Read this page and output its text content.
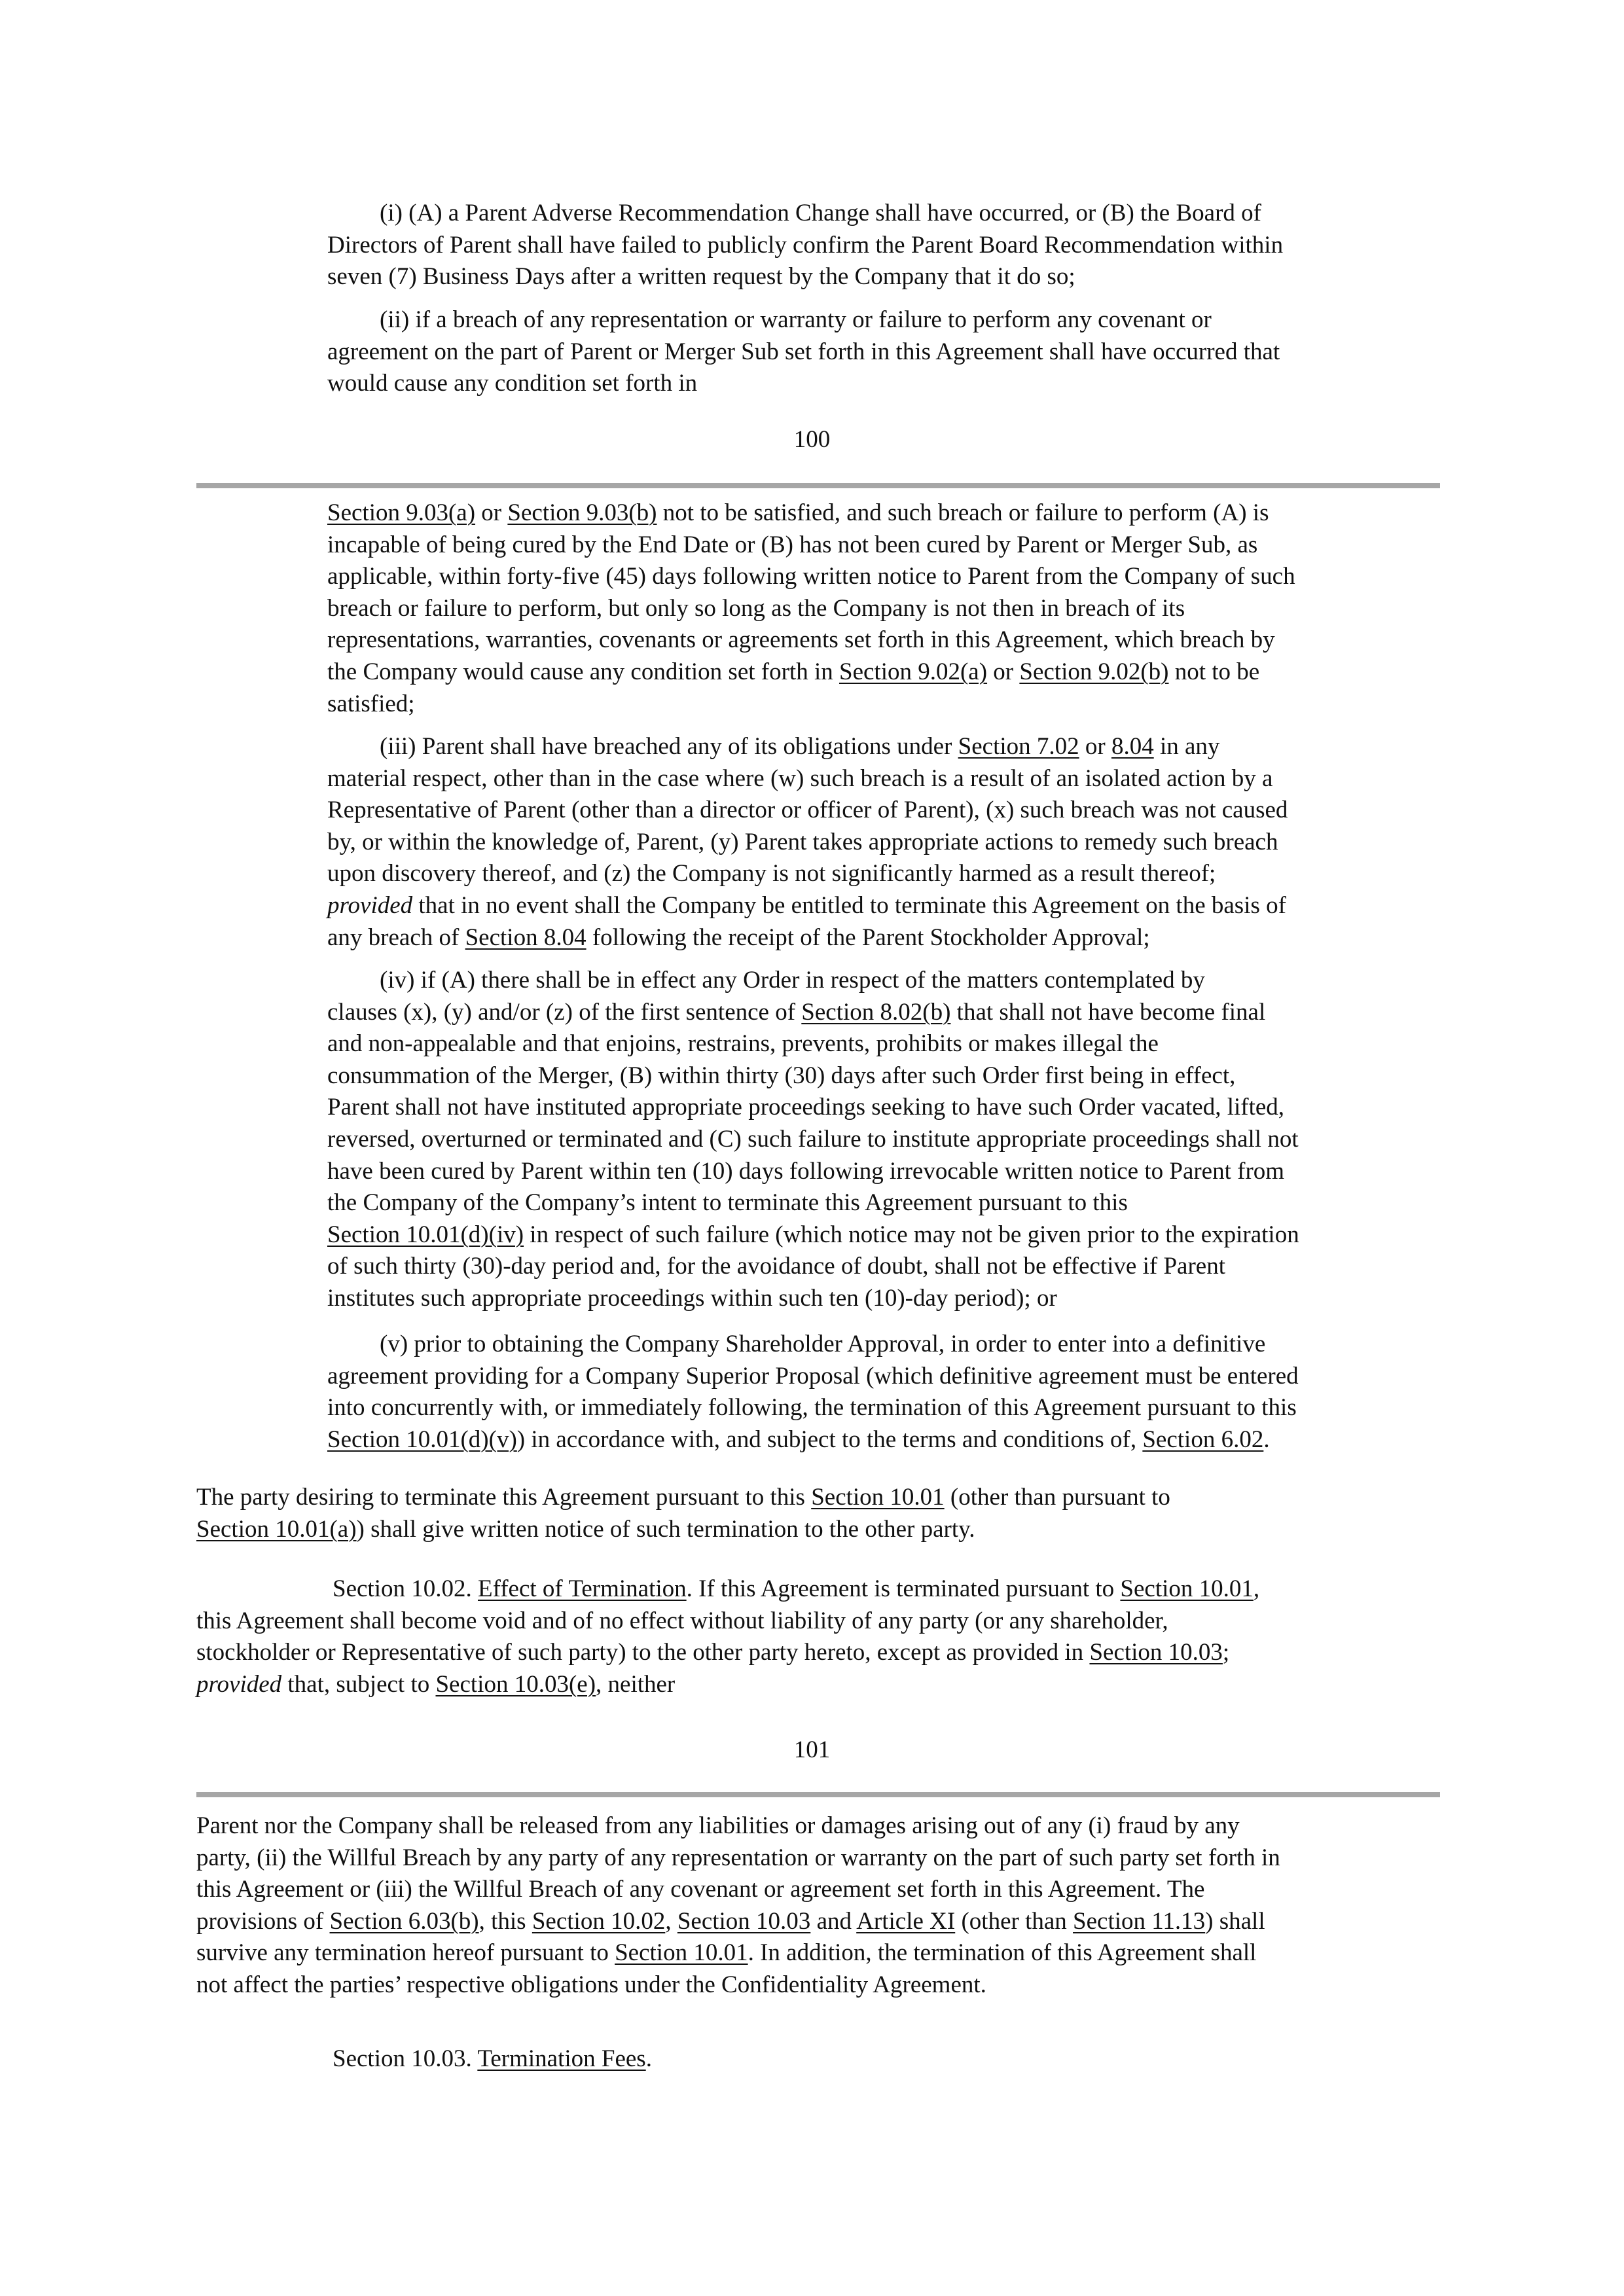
(i) (A) a Parent Adverse Recommendation Change shall have occurred, or (B) the Board of
Directors of Parent shall have failed to publicly confirm the Parent Board Recommendation within
seven (7) Business Days after a written request by the Company that it do so;
(ii) if a breach of any representation or warranty or failure to perform any covenant or
agreement on the part of Parent or Merger Sub set forth in this Agreement shall have occurred that
would cause any condition set forth in

100

Section 9.03(a) or Section 9.03(b) not to be satisfied, and such breach or failure to perform (A) is
incapable of being cured by the End Date or (B) has not been cured by Parent or Merger Sub, as
applicable, within forty-five (45) days following written notice to Parent from the Company of such
breach or failure to perform, but only so long as the Company is not then in breach of its
representations, warranties, covenants or agreements set forth in this Agreement, which breach by
the Company would cause any condition set forth in Section 9.02(a) or Section 9.02(b) not to be
satisfied;
(iii) Parent shall have breached any of its obligations under Section 7.02 or 8.04 in any
material respect, other than in the case where (w) such breach is a result of an isolated action by a
Representative of Parent (other than a director or officer of Parent), (x) such breach was not caused
by, or within the knowledge of, Parent, (y) Parent takes appropriate actions to remedy such breach
upon discovery thereof, and (z) the Company is not significantly harmed as a result thereof;
provided that in no event shall the Company be entitled to terminate this Agreement on the basis of
any breach of Section 8.04 following the receipt of the Parent Stockholder Approval;
(iv) if (A) there shall be in effect any Order in respect of the matters contemplated by
clauses (x), (y) and/or (z) of the first sentence of Section 8.02(b) that shall not have become final
and non-appealable and that enjoins, restrains, prevents, prohibits or makes illegal the
consummation of the Merger, (B) within thirty (30) days after such Order first being in effect,
Parent shall not have instituted appropriate proceedings seeking to have such Order vacated, lifted,
reversed, overturned or terminated and (C) such failure to institute appropriate proceedings shall not
have been cured by Parent within ten (10) days following irrevocable written notice to Parent from
the Company of the Company’s intent to terminate this Agreement pursuant to this
Section 10.01(d)(iv) in respect of such failure (which notice may not be given prior to the expiration
of such thirty (30)-day period and, for the avoidance of doubt, shall not be effective if Parent
institutes such appropriate proceedings within such ten (10)-day period); or
(v) prior to obtaining the Company Shareholder Approval, in order to enter into a definitive
agreement providing for a Company Superior Proposal (which definitive agreement must be entered
into concurrently with, or immediately following, the termination of this Agreement pursuant to this
Section 10.01(d)(v)) in accordance with, and subject to the terms and conditions of, Section 6.02.
The party desiring to terminate this Agreement pursuant to this Section 10.01 (other than pursuant to
Section 10.01(a)) shall give written notice of such termination to the other party.
Section 10.02. Effect of Termination. If this Agreement is terminated pursuant to Section 10.01,
this Agreement shall become void and of no effect without liability of any party (or any shareholder,
stockholder or Representative of such party) to the other party hereto, except as provided in Section 10.03;
provided that, subject to Section 10.03(e), neither

101

Parent nor the Company shall be released from any liabilities or damages arising out of any (i) fraud by any
party, (ii) the Willful Breach by any party of any representation or warranty on the part of such party set forth in
this Agreement or (iii) the Willful Breach of any covenant or agreement set forth in this Agreement. The
provisions of Section 6.03(b), this Section 10.02, Section 10.03 and Article XI (other than Section 11.13) shall
survive any termination hereof pursuant to Section 10.01. In addition, the termination of this Agreement shall
not affect the parties’ respective obligations under the Confidentiality Agreement.
Section 10.03. Termination Fees.
